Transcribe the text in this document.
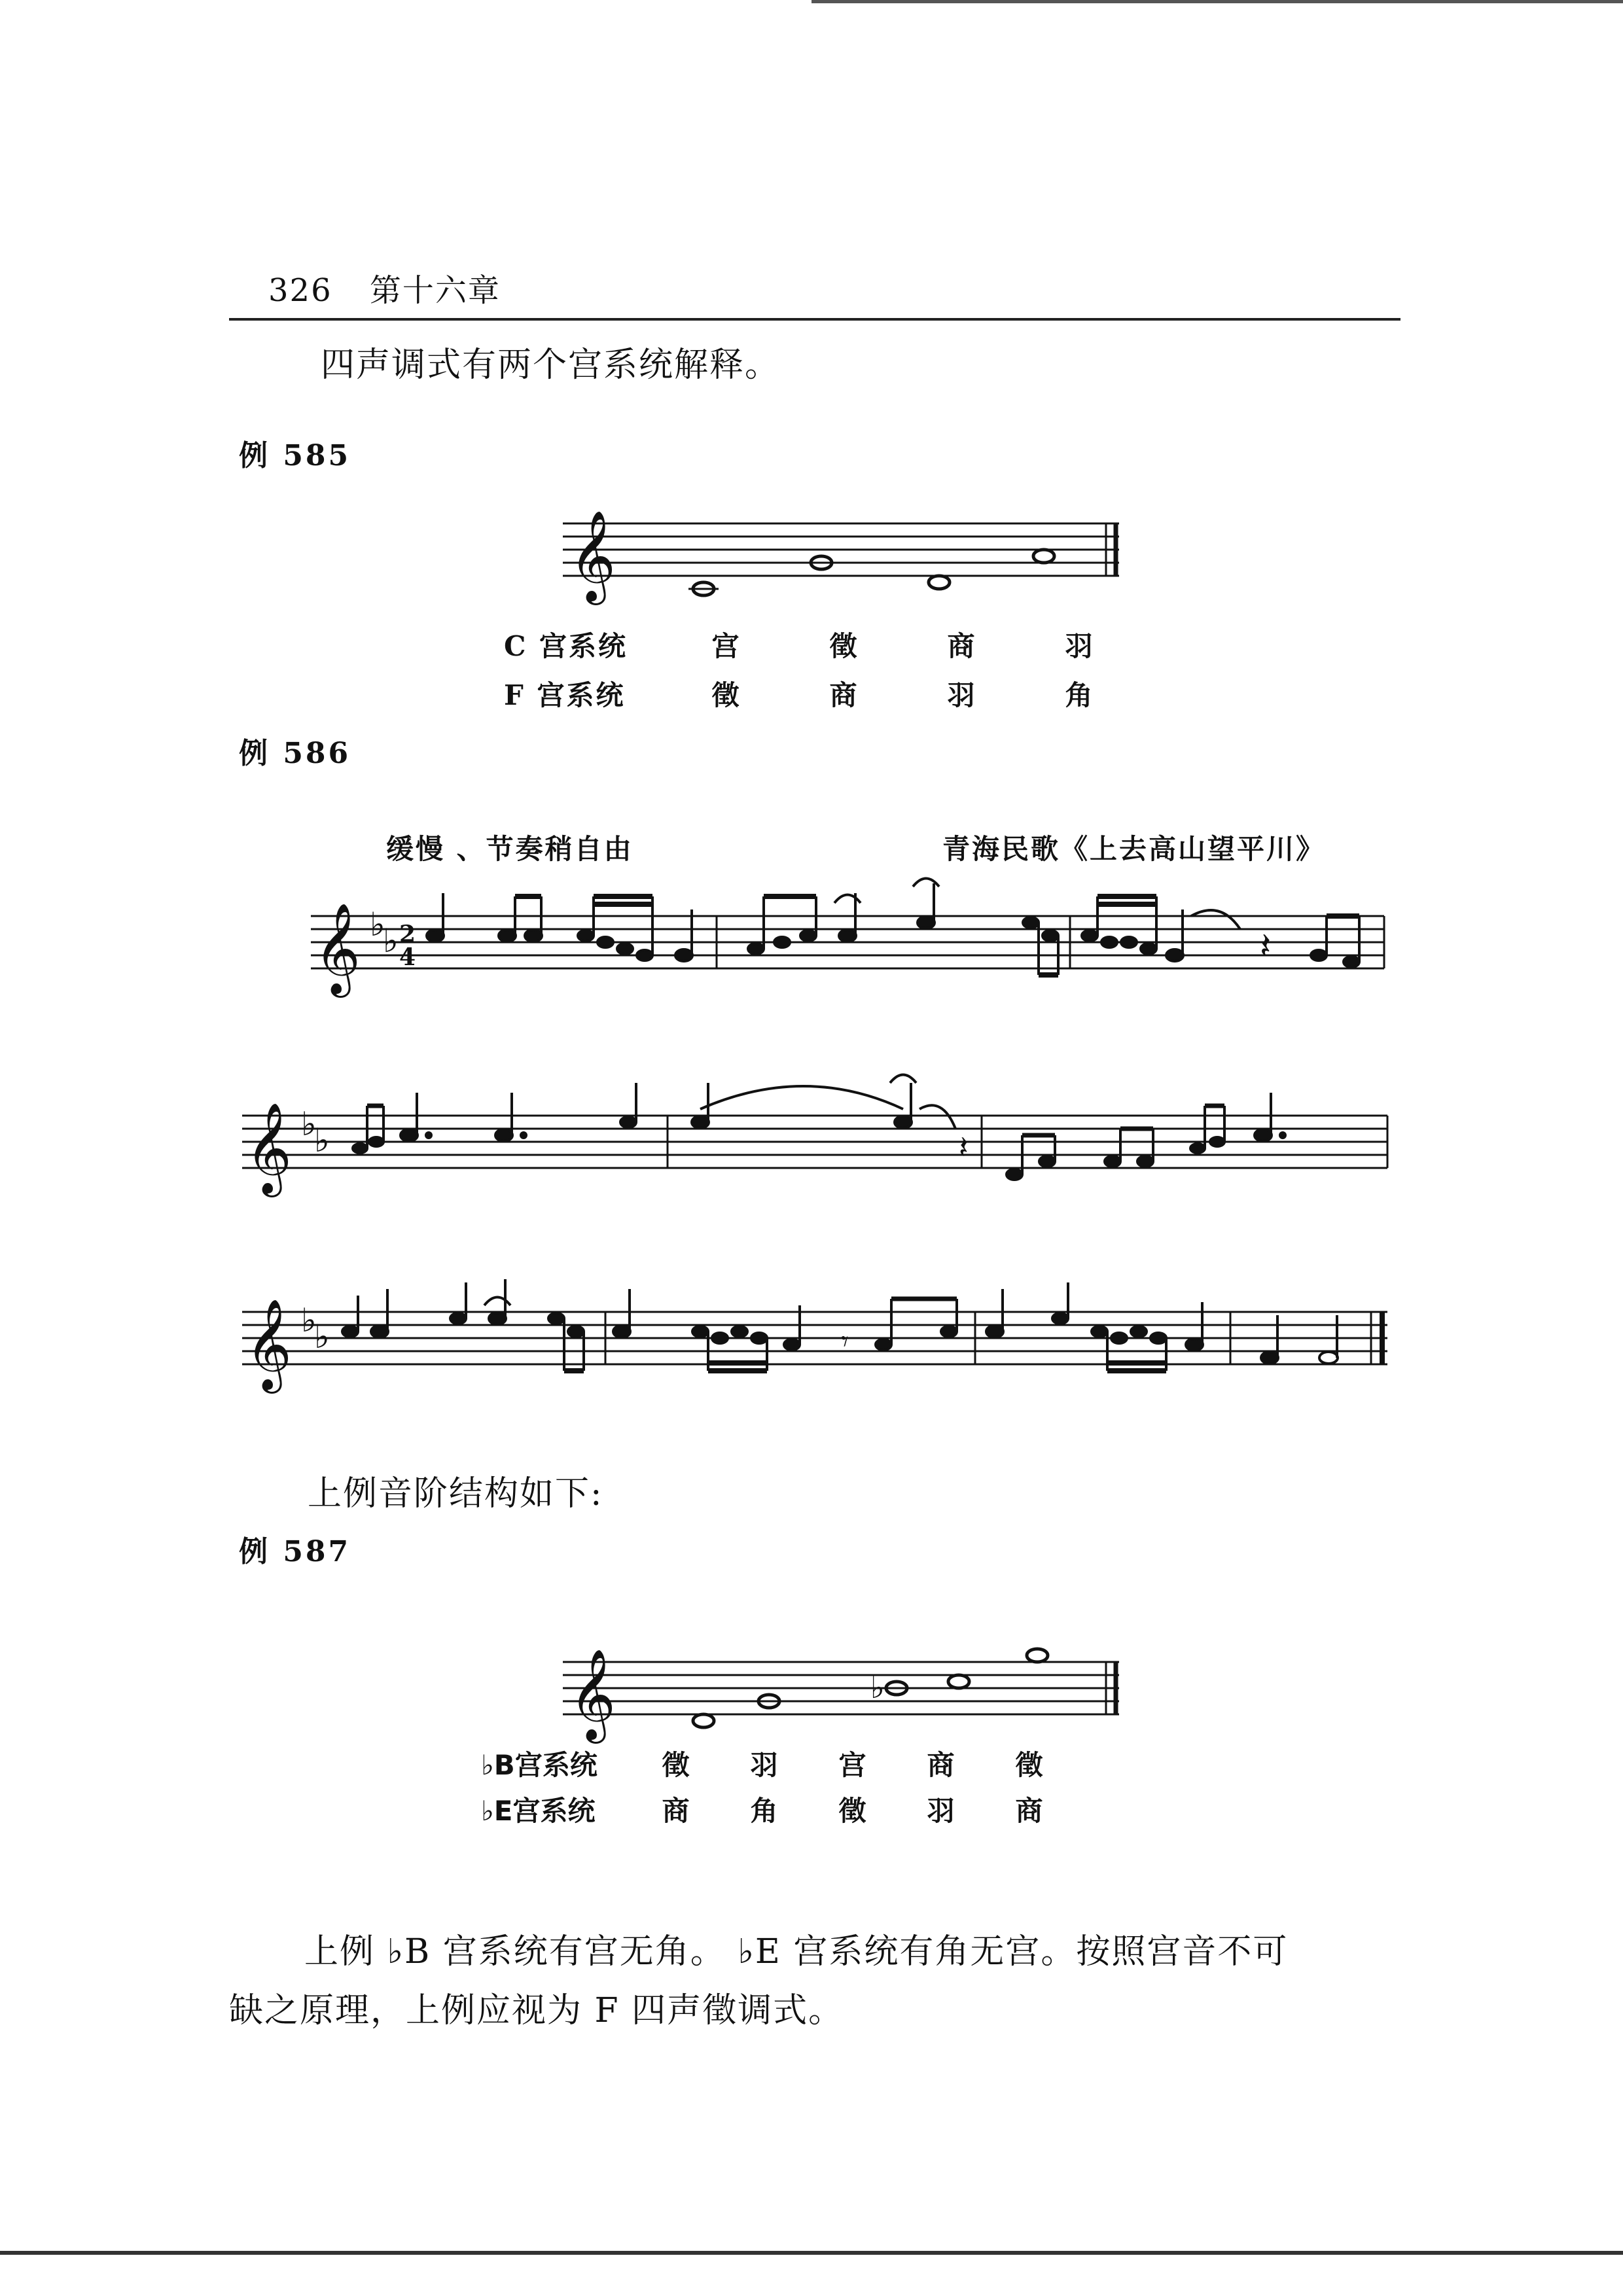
326 第十六章
四声调式有两个宫系统解释。
例 585
𝄞
C 宫系统	宫	徵	商	羽
F 宫系统	徵	商	羽	角
例 586
缓慢 、节奏稍自由	青海民歌《上去高山望平川》
𝄞 ♭
♭ 2
4	𝄽
𝄞 ♭
♭	𝄽
𝄞 ♭
♭	𝄾
上例音阶结构如下:
例 587
𝄞	♭
♭B宫系统	徵	羽	宫	商	徵
♭E宫系统	商	角	徵	羽	商
上例 ♭B 宫系统有宫无角。 ♭E 宫系统有角无宫。按照宫音不可
缺之原理，上例应视为 F 四声徵调式。
